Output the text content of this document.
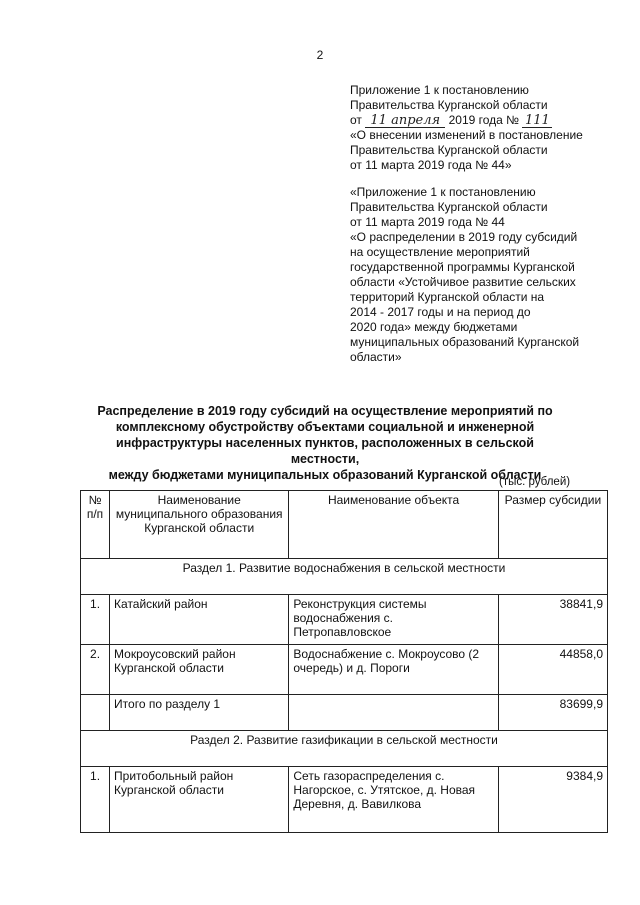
2
Приложение 1 к постановлению
Правительства Курганской области
от 11 апреля 2019 года № 111
«О внесении изменений в постановление
Правительства Курганской области
от 11 марта 2019 года № 44»
«Приложение 1 к постановлению
Правительства Курганской области
от 11 марта 2019 года № 44
«О распределении в 2019 году субсидий
на осуществление мероприятий
государственной программы Курганской
области «Устойчивое развитие сельских
территорий Курганской области на
2014 - 2017 годы и на период до
2020 года» между бюджетами
муниципальных образований Курганской
области»
Распределение в 2019 году субсидий на осуществление мероприятий по
комплексному обустройству объектами социальной и инженерной
инфраструктуры населенных пунктов, расположенных в сельской местности,
между бюджетами муниципальных образований Курганской области
(тыс. рублей)
№ п/п	Наименование муниципального образования Курганской области	Наименование объекта	Размер субсидии
Раздел 1. Развитие водоснабжения в сельской местности			
1.	Катайский район	Реконструкция системы водоснабжения с. Петропавловское	38841,9
2.	Мокроусовский район Курганской области	Водоснабжение с. Мокроусово (2 очередь) и д. Пороги	44858,0
	Итого по разделу 1		83699,9
Раздел 2. Развитие газификации в сельской местности			
1.	Притобольный район Курганской области	Сеть газораспределения с. Нагорское, с. Утятское, д. Новая Деревня, д. Вавилкова	9384,9
